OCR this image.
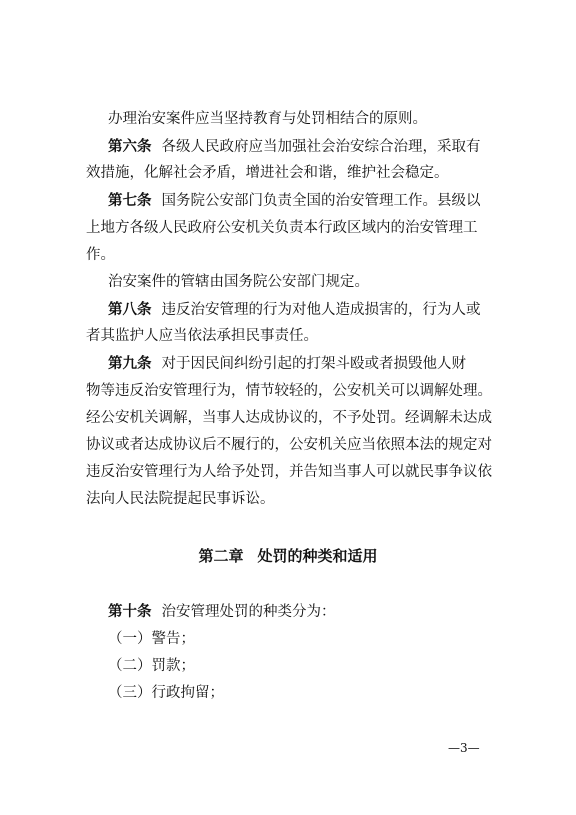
办理治安案件应当坚持教育与处罚相结合的原则。
第六条 各级人民政府应当加强社会治安综合治理，采取有
效措施，化解社会矛盾，增进社会和谐，维护社会稳定。
第七条 国务院公安部门负责全国的治安管理工作。县级以
上地方各级人民政府公安机关负责本行政区域内的治安管理工
作。
治安案件的管辖由国务院公安部门规定。
第八条 违反治安管理的行为对他人造成损害的，行为人或
者其监护人应当依法承担民事责任。
第九条 对于因民间纠纷引起的打架斗殴或者损毁他人财
物等违反治安管理行为，情节较轻的，公安机关可以调解处理。
经公安机关调解，当事人达成协议的，不予处罚。经调解未达成
协议或者达成协议后不履行的，公安机关应当依照本法的规定对
违反治安管理行为人给予处罚，并告知当事人可以就民事争议依
法向人民法院提起民事诉讼。
第二章 处罚的种类和适用
第十条 治安管理处罚的种类分为：
（一）警告；
（二）罚款；
（三）行政拘留；
—3—
